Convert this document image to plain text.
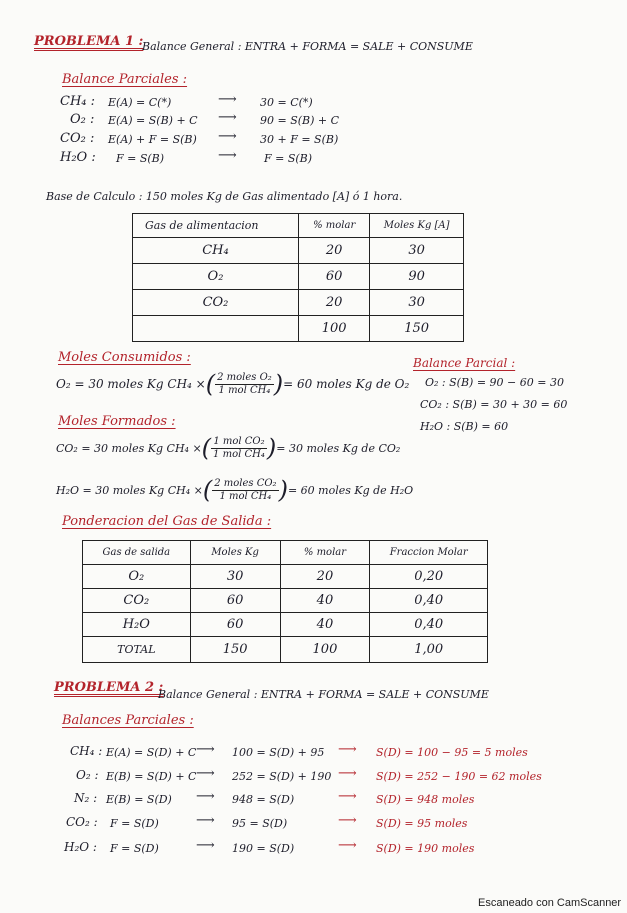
PROBLEMA 1 :
Balance General : ENTRA + FORMA = SALE + CONSUME
Balance Parciales :
CH₄ : E(A) = C(*)	⟶ 30 = C(*)
O₂ : E(A) = S(B) + C ⟶ 90 = S(B) + C
CO₂ : E(A) + F = S(B) ⟶ 30 + F = S(B)
H₂O : F = S(B)	⟶ F = S(B)
Base de Calculo : 150 moles Kg de Gas alimentado [A] ó 1 hora.
Gas de alimentacion	% molar	Moles Kg [A]
CH₄	20	30
O₂	60	90
CO₂	20	30
	100	150
Moles Consumidos :
O₂ = 30 moles Kg CH₄ × ( $\frac{\text{2 moles O₂}}{\text{1 mol CH₄}}$ ) = 60 moles Kg de O₂
Balance Parcial :
O₂ : S(B) = 90 − 60 = 30
CO₂ : S(B) = 30 + 30 = 60
H₂O : S(B) = 60
Moles Formados :
CO₂ = 30 moles Kg CH₄ × ( $\frac{\text{1 mol CO₂}}{\text{1 mol CH₄}}$ ) = 30 moles Kg de CO₂
H₂O = 30 moles Kg CH₄ × ( $\frac{\text{2 moles CO₂}}{\text{1 mol CH₄}}$ ) = 60 moles Kg de H₂O
Ponderacion del Gas de Salida :
Gas de salida	Moles Kg	% molar	Fraccion Molar
O₂	30	20	0,20
CO₂	60	40	0,40
H₂O	60	40	0,40
TOTAL	150	100	1,00
PROBLEMA 2 :
Balance General : ENTRA + FORMA = SALE + CONSUME
Balances Parciales :
CH₄ : E(A) = S(D) + C ⟶ 100 = S(D) + 95 ⟶ S(D) = 100 − 95 = 5 moles
O₂ : E(B) = S(D) + C ⟶ 252 = S(D) + 190 ⟶ S(D) = 252 − 190 = 62 moles
N₂ : E(B) = S(D) ⟶ 948 = S(D)	⟶ S(D) = 948 moles
CO₂ : F = S(D)	⟶ 95 = S(D)	⟶ S(D) = 95 moles
H₂O : F = S(D)	⟶ 190 = S(D)	⟶ S(D) = 190 moles
Escaneado con CamScanner
